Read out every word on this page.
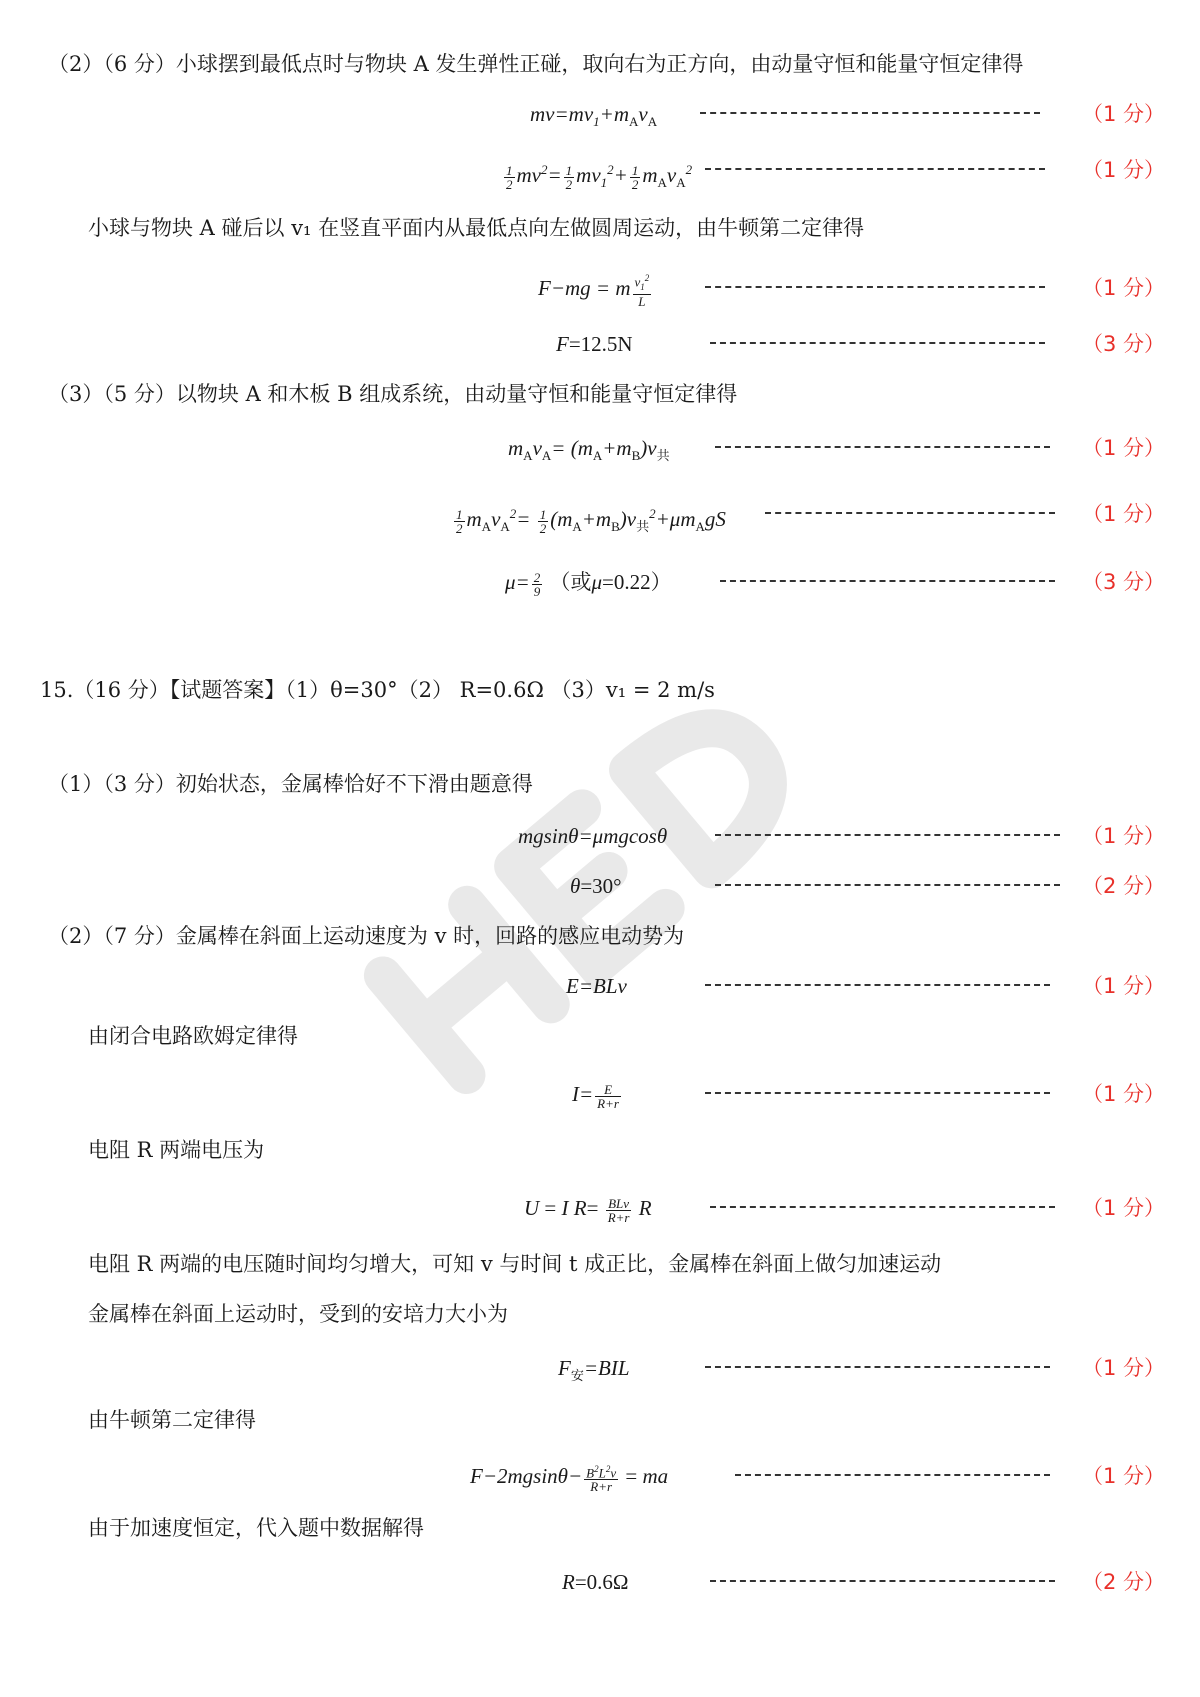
（2）（6 分）小球摆到最低点时与物块 A 发生弹性正碰，取向右为正方向，由动量守恒和能量守恒定律得
$mv=mv_1+m_Av_A$	（1 分）
$\frac{1}{2} mv^2= \frac{1}{2} mv_1^2+ \frac{1}{2} m_Av_A^2$	（1 分）
小球与物块 A 碰后以 v₁ 在竖直平面内从最低点向左做圆周运动，由牛顿第二定律得
F−mg = m $\frac{v_1^2}{L}$	（1 分）
F=12.5N	（3 分）
（3）（5 分）以物块 A 和木板 B 组成系统，由动量守恒和能量守恒定律得
$m_Av_A= (m_A+m_B)v_共$	（1 分）
$\frac{1}{2} m_Av_A^2= \frac{1}{2} (m_A+m_B)v_共^2+\mu m_AgS$	（1 分）
$\mu= \frac{2}{9}$ （或μ=0.22）	（3 分）
15.（16 分）【试题答案】（1）θ=30°（2） R=0.6Ω （3）v₁ = 2 m/s
（1）（3 分）初始状态，金属棒恰好不下滑由题意得
mgsinθ=μmgcosθ	（1 分）
θ=30°	（2 分）
（2）（7 分）金属棒在斜面上运动速度为 v 时，回路的感应电动势为
E=BLv	（1 分）
由闭合电路欧姆定律得
$I= \frac{E}{R+r}$	（1 分）
电阻 R 两端电压为
U = I $R= \frac{\text{BLv}}{R+r}$ R	（1 分）
电阻 R 两端的电压随时间均匀增大，可知 v 与时间 t 成正比，金属棒在斜面上做匀加速运动
金属棒在斜面上运动时，受到的安培力大小为
$F_安=BIL$	（1 分）
由牛顿第二定律得
$F-2mgsin\theta- \frac{B^2L^2v}{R+r}$ = ma	（1 分）
由于加速度恒定，代入题中数据解得
R=0.6Ω	（2 分）
